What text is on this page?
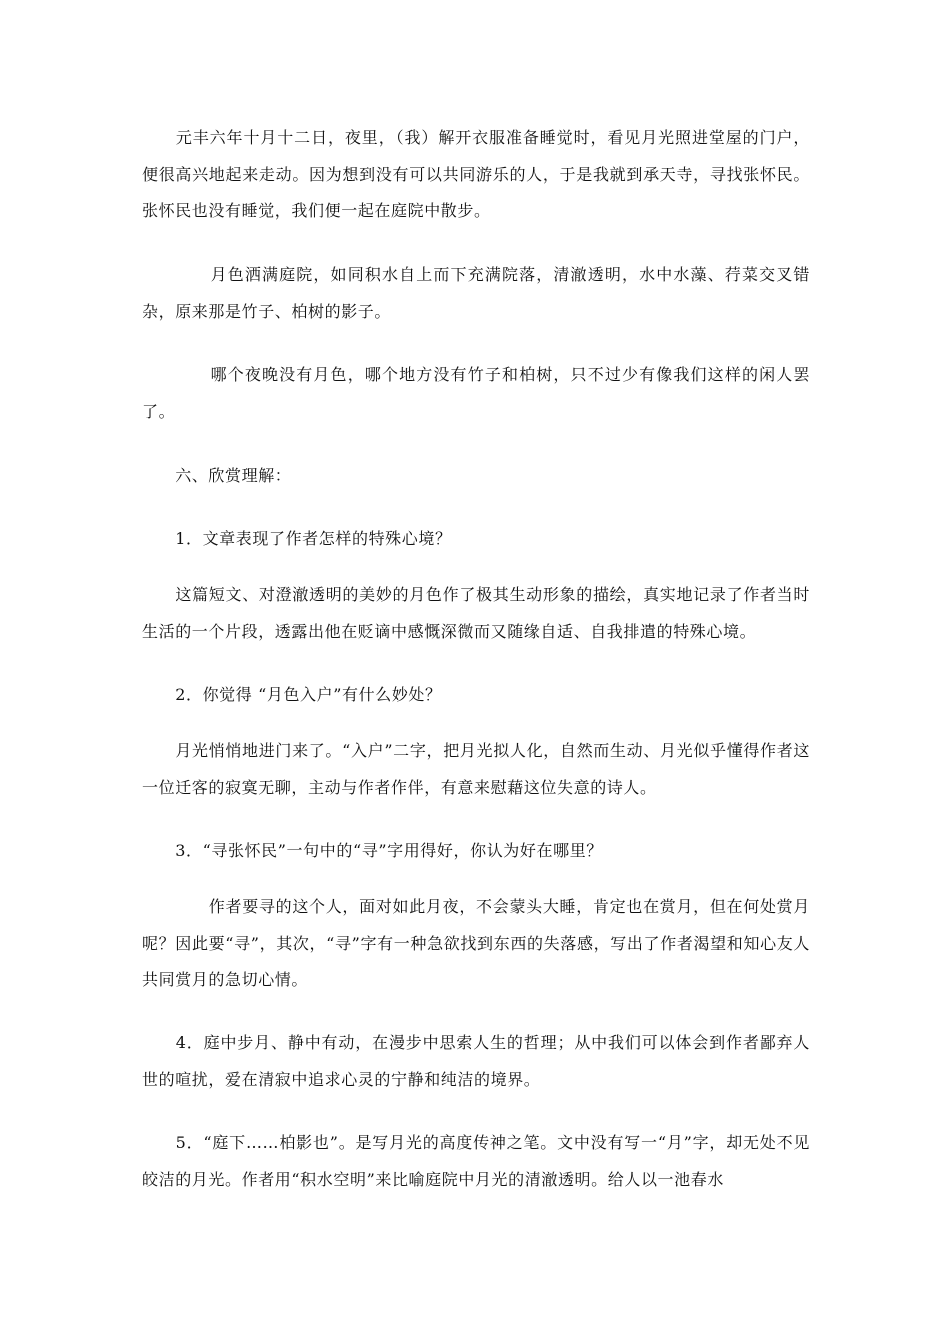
　　元丰六年十月十二日，夜里，（我）解开衣服准备睡觉时，看见月光照进堂屋的门户，便很高兴地起来走动。因为想到没有可以共同游乐的人，于是我就到承天寺，寻找张怀民。张怀民也没有睡觉，我们便一起在庭院中散步。

　　　　月色洒满庭院，如同积水自上而下充满院落，清澈透明，水中水藻、荇菜交叉错杂，原来那是竹子、柏树的影子。

　　　　哪个夜晚没有月色，哪个地方没有竹子和柏树，只不过少有像我们这样的闲人罢了。

　　六、欣赏理解：

　　1．文章表现了作者怎样的特殊心境？

　　这篇短文、对澄澈透明的美妙的月色作了极其生动形象的描绘，真实地记录了作者当时生活的一个片段，透露出他在贬谪中感慨深微而又随缘自适、自我排遣的特殊心境。

　　2．你觉得 “月色入户”有什么妙处？

　　月光悄悄地进门来了。“入户”二字，把月光拟人化，自然而生动、月光似乎懂得作者这一位迁客的寂寞无聊，主动与作者作伴，有意来慰藉这位失意的诗人。

　　3．“寻张怀民”一句中的“寻”字用得好，你认为好在哪里？

　　　　作者要寻的这个人，面对如此月夜，不会蒙头大睡，肯定也在赏月，但在何处赏月呢？因此要“寻”，其次，“寻”字有一种急欲找到东西的失落感，写出了作者渴望和知心友人共同赏月的急切心情。

　　4．庭中步月、静中有动，在漫步中思索人生的哲理；从中我们可以体会到作者鄙弃人世的喧扰，爱在清寂中追求心灵的宁静和纯洁的境界。

　　5．“庭下……柏影也”。是写月光的高度传神之笔。文中没有写一“月”字，却无处不见皎洁的月光。作者用“积水空明”来比喻庭院中月光的清澈透明。给人以一池春水
